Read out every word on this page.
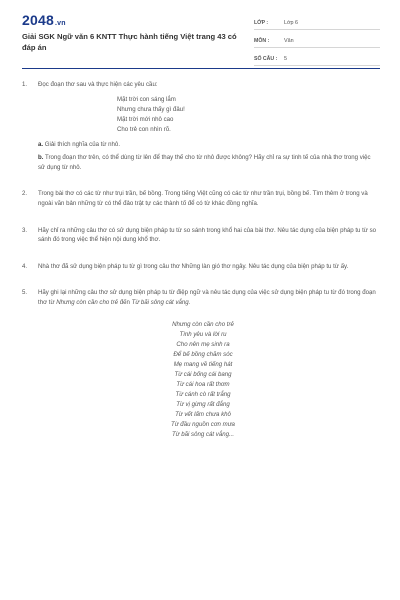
2048.vn
Giải SGK Ngữ văn 6 KNTT Thực hành tiếng Việt trang 43 có đáp án
LỚP :	Lớp 6
MÔN :	Văn
SỐ CÂU :	5
1.	Đọc đoạn thơ sau và thực hiện các yêu cầu:
Mặt trời con sáng lắm
Nhưng chưa thấy gì đâu!
Mặt trời mới nhô cao
Cho trẻ con nhìn rõ.
a. Giải thích nghĩa của từ nhô.
b. Trong đoạn thơ trên, có thể dùng từ lên để thay thế cho từ nhô được không? Hãy chỉ ra sự tinh tế của nhà thơ trong việc sử dụng từ nhô.
2.	Trong bài thơ có các từ như trụi trần, bế bồng. Trong tiếng Việt cũng có các từ như trần trụi, bồng bế. Tìm thêm ở trong và ngoài văn bản những từ có thể đảo trật tự các thành tố để có từ khác đồng nghĩa.
3.	Hãy chỉ ra những câu thơ có sử dụng biện pháp tu từ so sánh trong khổ hai của bài thơ. Nêu tác dụng của biện pháp tu từ so sánh đó trong việc thể hiện nội dung khổ thơ.
4.	Nhà thơ đã sử dụng biện pháp tu từ gì trong câu thơ Những làn gió thơ ngây. Nêu tác dụng của biện pháp tu từ ấy.
5.	Hãy ghi lại những câu thơ sử dụng biện pháp tu từ điệp ngữ và nêu tác dụng của việc sử dụng biện pháp tu từ đó trong đoạn thơ từ Nhưng còn cần cho trẻ đến Từ bãi sông cát vắng.
Nhưng còn cần cho trẻ
Tình yêu và lời ru
Cho nên mẹ sinh ra
Để bế bồng chăm sóc
Mẹ mang về tiếng hát
Từ cái bống cái bang
Từ cái hoa rất thơm
Từ cánh cò rất trắng
Từ vị gừng rất đắng
Từ vết lấm chưa khô
Từ đầu nguồn cơn mưa
Từ bãi sông cát vắng...
